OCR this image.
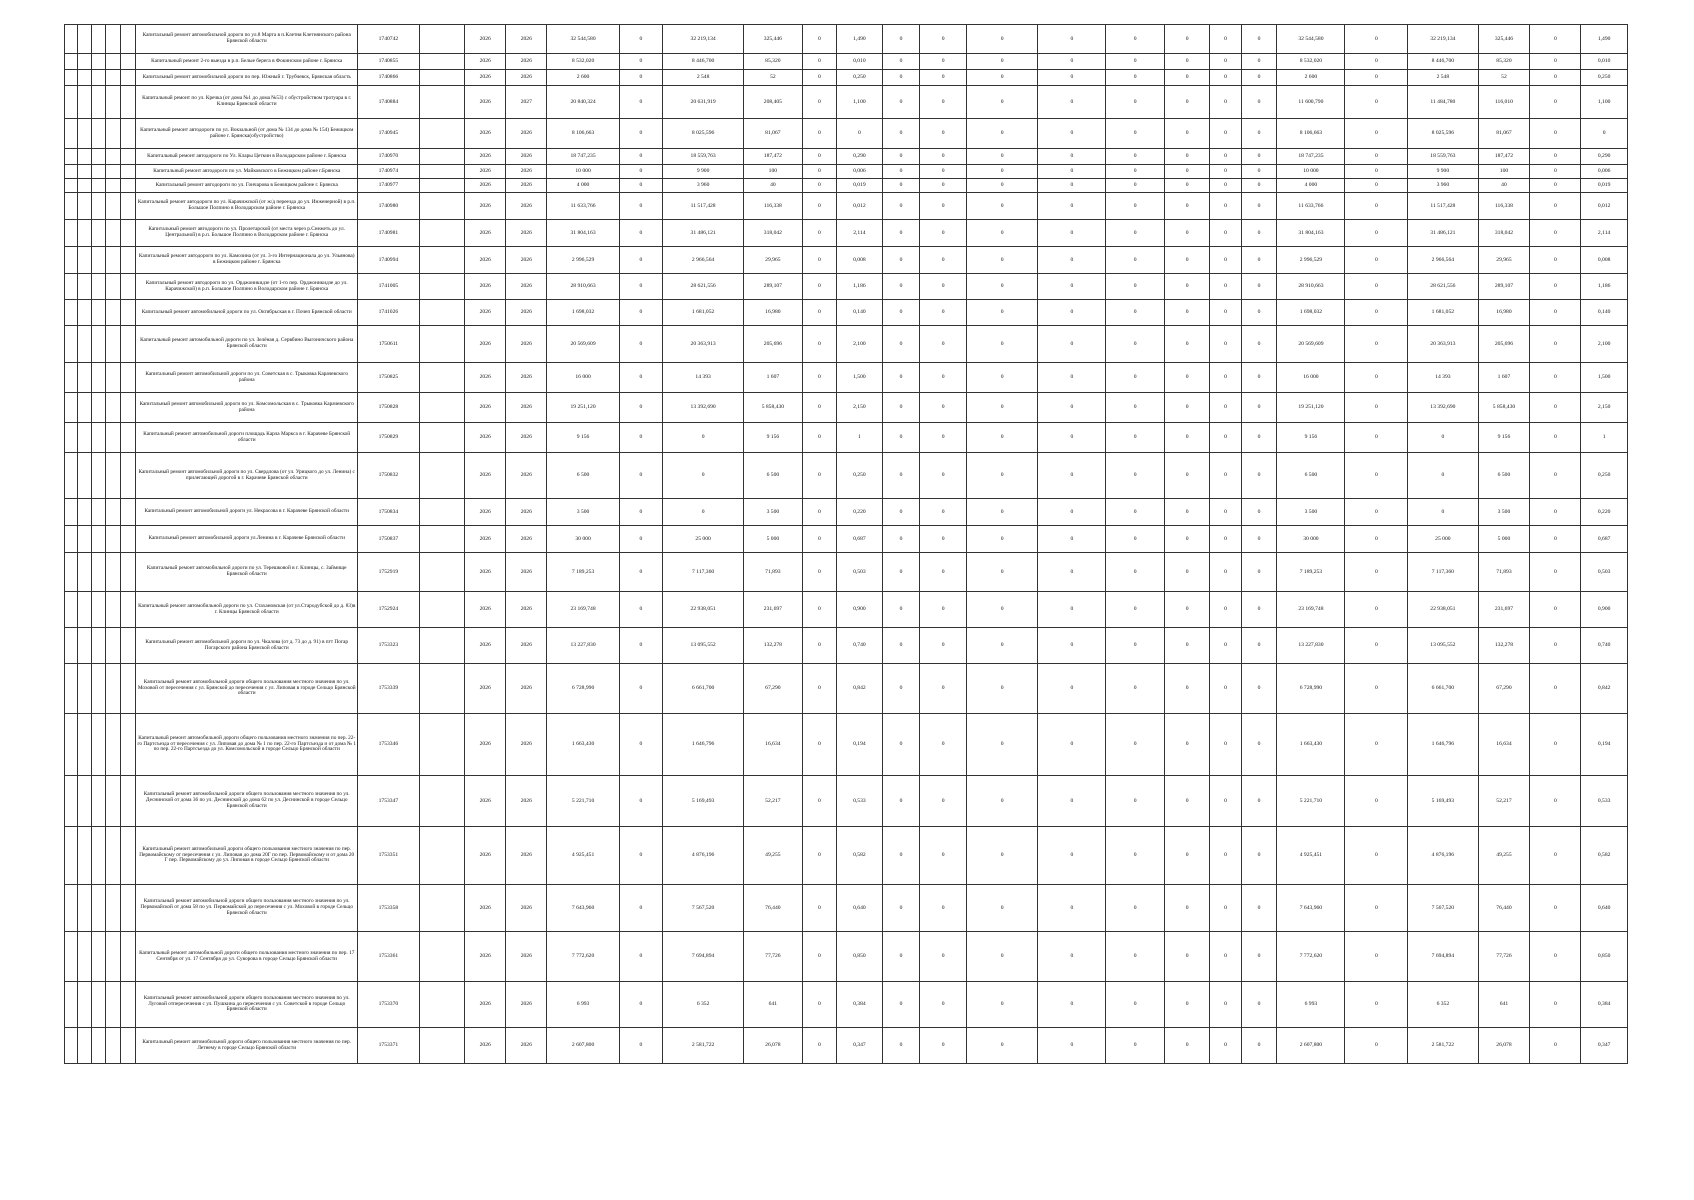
					Капитальный ремонт автомобильной дороги по ул.8 Марта в п.Клетня Клетнянского района Брянской области	1740742		2026	2026	32 544,580	0	32 219,134	325,446	0	1,490	0	0	0	0	0	0	0	0	32 544,580	0	32 219,134	325,446	0	1,490
					Капитальный ремонт 2-го выезда в р.п. Белые берега в Фокинском районе г. Брянска	1740855		2026	2026	8 532,020	0	8 446,700	85,320	0	0,010	0	0	0	0	0	0	0	0	8 532,020	0	8 446,700	85,320	0	0,010
					Капитальный ремонт автомобильной дороги по пер. Южный г. Трубчевск, Брянская область	1740866		2026	2026	2 600	0	2 548	52	0	0,250	0	0	0	0	0	0	0	0	2 600	0	2 548	52	0	0,250
					Капитальный ремонт по ул. Кречка (от дома №1 до дома №53) с обустройством тротуара в г. Клинцы Брянской области	1740884		2026	2027	20 840,324	0	20 631,919	208,405	0	1,100	0	0	0	0	0	0	0	0	11 600,790	0	11 484,780	116,010	0	1,100
					Капитальный ремонт автодороги по ул. Вокзальной (от дома № 134 до дома № 154) Бежицком районе г. Брянска(обустройство)	1740945		2026	2026	8 106,663	0	8 025,596	81,067	0	0	0	0	0	0	0	0	0	0	8 106,663	0	8 025,596	81,067	0	0
					Капитальный ремонт автодороги по Ул. Клары Цеткин в Володарском районе г. Брянска	1740970		2026	2026	18 747,235	0	18 559,763	187,472	0	0,290	0	0	0	0	0	0	0	0	18 747,235	0	18 559,763	187,472	0	0,290
					Капитальный ремонт автодороги по ул. Майковского в Бежицком районе г.Брянска	1740974		2026	2026	10 000	0	9 900	100	0	0,006	0	0	0	0	0	0	0	0	10 000	0	9 900	100	0	0,006
					Капитальный ремонт автодороги по ул. Гончарова в Бежицком районе г. Брянска	1740977		2026	2026	4 000	0	3 960	40	0	0,019	0	0	0	0	0	0	0	0	4 000	0	3 960	40	0	0,019
					Капитальный ремонт автодороги по ул. Карачижской (от ж/д переезда до ул. Инженерной) в р.п. Большое Полпино в Володарском районе г. Брянска	1740980		2026	2026	11 633,766	0	11 517,428	116,338	0	0,012	0	0	0	0	0	0	0	0	11 633,766	0	11 517,428	116,338	0	0,012
					Капитальный ремонт автодороги по ул. Пролетарской (от места через р.Снежеть до ул. Центральной) в р.п. Большое Полпино в Володарском районе г. Брянска	1740981		2026	2026	31 804,163	0	31 486,121	318,042	0	2,114	0	0	0	0	0	0	0	0	31 804,163	0	31 486,121	318,042	0	2,114
					Капитальный ремонт автодороги по ул. Камозина (от ул. 3-го Интернационала до ул. Ульянова) в Бежицком районе г. Брянска	1740994		2026	2026	2 996,529	0	2 966,564	29,965	0	0,008	0	0	0	0	0	0	0	0	2 996,529	0	2 966,564	29,965	0	0,008
					Капитальный ремонт автодороги по ул. Орджоникидзе (от 1-го пер. Орджоникидзе до ул. Карачижской) в р.п. Большое Полпино в Володарском районе г. Брянска	1741005		2026	2026	28 910,663	0	28 621,556	289,107	0	1,186	0	0	0	0	0	0	0	0	28 910,663	0	28 621,556	289,107	0	1,186
					Капитальный ремонт автомобильной дороги по ул. Октябрьская в г. Почеп Брянской области	1741026		2026	2026	1 698,032	0	1 681,052	16,980	0	0,140	0	0	0	0	0	0	0	0	1 698,032	0	1 681,052	16,980	0	0,140
					Капитальный ремонт автомобильной дороги по ул. Зелёная д. Сервбино Выгоничского района Брянской области	1750611		2026	2026	20 569,609	0	20 363,913	205,696	0	2,100	0	0	0	0	0	0	0	0	20 569,609	0	20 363,913	205,696	0	2,100
					Капитальный ремонт автомобильной дороги по ул. Советская в с. Трыковка Карачевского района	1750825		2026	2026	16 000	0	14 393	1 607	0	1,500	0	0	0	0	0	0	0	0	16 000	0	14 393	1 607	0	1,500
					Капитальный ремонт автомобильной дороги по ул. Комсомольская в с. Трыковка Карачевского района	1750828		2026	2026	19 251,120	0	13 392,690	5 858,430	0	2,150	0	0	0	0	0	0	0	0	19 251,120	0	13 392,690	5 858,430	0	2,150
					Капитальный ремонт автомобильной дороги площадь Карла Маркса в г. Карачеве Брянской области	1750829		2026	2026	9 156	0	0	9 156	0	1	0	0	0	0	0	0	0	0	9 156	0	0	9 156	0	1
					Капитальный ремонт автомобильной дороги по ул. Свердлова (от ул. Урицкого до ул. Ленина) с прилегающей дорогой в г. Карачеве Брянской области	1750832		2026	2026	6 500	0	0	6 500	0	0,250	0	0	0	0	0	0	0	0	6 500	0	0	6 500	0	0,250
					Капитальный ремонт автомобильной дороги ул. Некрасова в г. Карачеве Брянской области	1750834		2026	2026	3 500	0	0	3 500	0	0,220	0	0	0	0	0	0	0	0	3 500	0	0	3 500	0	0,220
					Капитальный ремонт автомобильной дороги ул.Ленина в г. Карачеве Брянской области	1750837		2026	2026	30 000	0	25 000	5 000	0	0,687	0	0	0	0	0	0	0	0	30 000	0	25 000	5 000	0	0,687
					Капитальный ремонт автомобильной дороги по ул. Терешковой в г. Клинцы, с. Займище Брянской области	1752919		2026	2026	7 189,253	0	7 117,360	71,893	0	0,503	0	0	0	0	0	0	0	0	7 189,253	0	7 117,360	71,893	0	0,503
					Капитальный ремонт автомобильной дороги по ул. Стахановская (от ул.Стародубской до д. 83)в г. Клинцы Брянской области	1752924		2026	2026	23 169,748	0	22 938,051	231,697	0	0,900	0	0	0	0	0	0	0	0	23 169,748	0	22 938,051	231,697	0	0,900
					Капитальный ремонт автомобильной дороги по ул. Чкалова (от д. 73 до д. 91) в пгт Погар Погарского района Брянской области	1753323		2026	2026	13 227,830	0	13 095,552	132,278	0	0,740	0	0	0	0	0	0	0	0	13 227,830	0	13 095,552	132,278	0	0,740
					Капитальный ремонт автомобильной дороги общего пользования местного значения по ул. Моховой от пересечения с ул. Брянской до пересечения с ул. Липовая в городе Сельцо Брянской области	1753339		2026	2026	6 728,990	0	6 661,700	67,290	0	0,842	0	0	0	0	0	0	0	0	6 728,990	0	6 661,700	67,290	0	0,842
					Капитальный ремонт автомобильной дороги общего пользования местного значения по пер. 22-го Партсъезда от пересечения с ул. Липовая до дома № 1 по пер. 22-го Партсъезда и от дома № 1 по пер. 22-го Партсъезда до ул. Комсомольской в городе Сельцо Брянской области	1753346		2026	2026	1 663,430	0	1 646,796	16,634	0	0,194	0	0	0	0	0	0	0	0	1 663,430	0	1 646,796	16,634	0	0,194
					Капитальный ремонт автомобильной дороги общего пользования местного значения по ул. Деснинской от дома 36 по ул. Деснинской до дома 62 по ул. Деснинской в городе Сельцо Брянской области	1753347		2026	2026	5 221,710	0	5 169,493	52,217	0	0,533	0	0	0	0	0	0	0	0	5 221,710	0	5 169,493	52,217	0	0,533
					Капитальный ремонт автомобильной дороги общего пользования местного значения по пер. Первомайскому от пересечения с ул. Липовая до дома 20Г по пер. Первомайскому и от дома 20 Г пер. Первомайскому до ул. Липовая в городе Сельцо Брянской области	1753351		2026	2026	4 925,451	0	4 876,196	49,255	0	0,582	0	0	0	0	0	0	0	0	4 925,451	0	4 876,196	49,255	0	0,582
					Капитальный ремонт автомобильной дороги общего пользования местного значения по ул. Первомайской от дома 58 по ул. Первомайской до пересечения с ул. Моховой в городе Сельцо Брянской области	1753358		2026	2026	7 643,960	0	7 567,520	76,440	0	0,640	0	0	0	0	0	0	0	0	7 643,960	0	7 567,520	76,440	0	0,640
					Капитальный ремонт автомобильной дороги общего пользования местного значения по пер. 17 Сентября от ул. 17 Сентября до ул. Суворова в городе Сельцо Брянской области	1753361		2026	2026	7 772,620	0	7 694,894	77,726	0	0,850	0	0	0	0	0	0	0	0	7 772,620	0	7 694,894	77,726	0	0,850
					Капитальный ремонт автомобильной дороги общего пользования местного значения по ул. Луговой отпересечения с ул. Пушкина до пересечения с ул. Советской в городе Сельцо Брянской области	1753370		2026	2026	6 993	0	6 352	641	0	0,384	0	0	0	0	0	0	0	0	6 993	0	6 352	641	0	0,384
					Капитальный ремонт автомобильной дороги общего пользования местного значения по пер. Летнему в городе Сельцо Брянской области	1753371		2026	2026	2 607,800	0	2 581,722	26,078	0	0,347	0	0	0	0	0	0	0	0	2 607,800	0	2 581,722	26,078	0	0,347
